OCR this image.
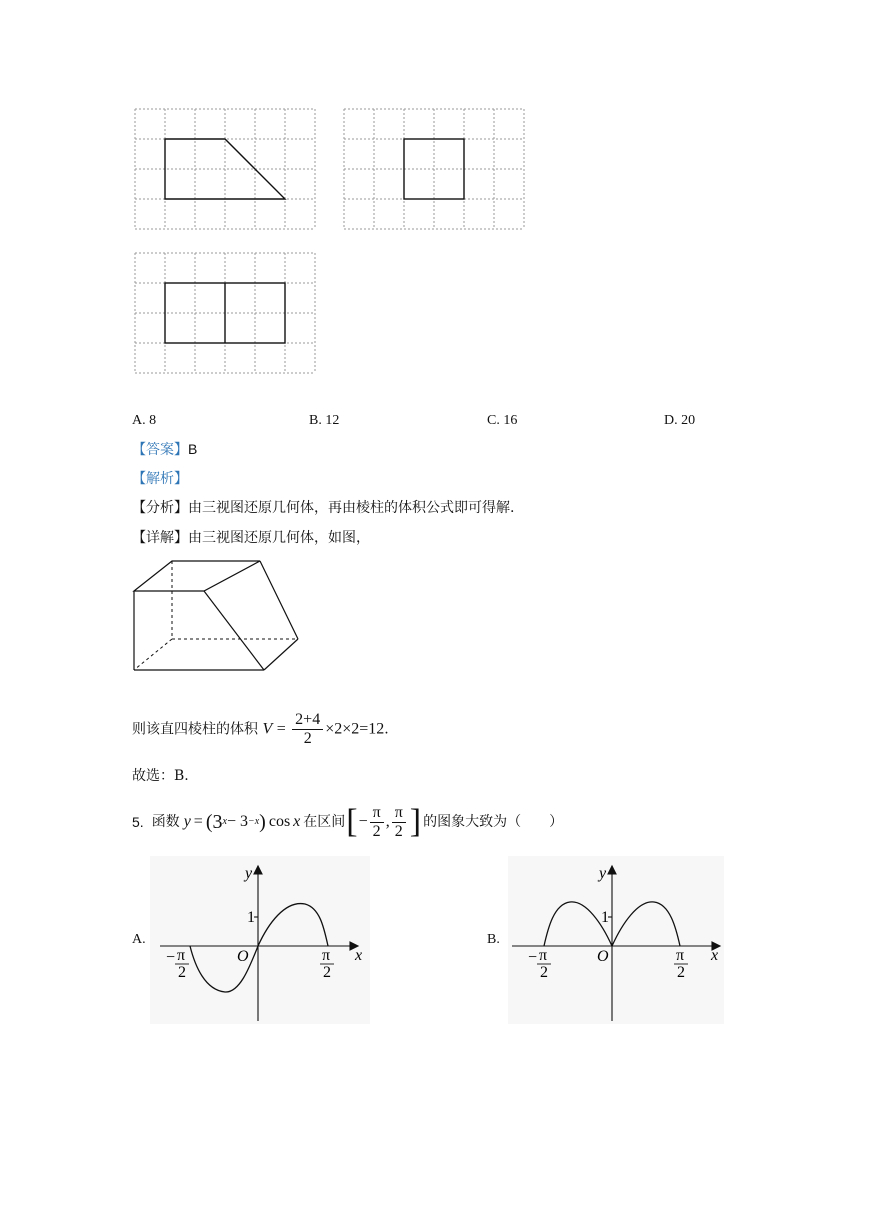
A. 8	B. 12	C. 16	D. 20
【答案】B
【解析】
【分析】由三视图还原几何体，再由棱柱的体积公式即可得解.
【详解】由三视图还原几何体，如图，
则该直四棱柱的体积 $V = \frac{2+4}{2} \times 2\times 2=12$.
故选：B.
5. 函数 y = (3 x − 3 −x ) cos x 在区间 [ − $\frac{\pi}{2}$ , $\frac{\pi}{2}$ ] 的图象大致为（　　）
A.
y
x
O
1
− π
2
π
2
B.
y
x
O
1
− π
2
π
2
